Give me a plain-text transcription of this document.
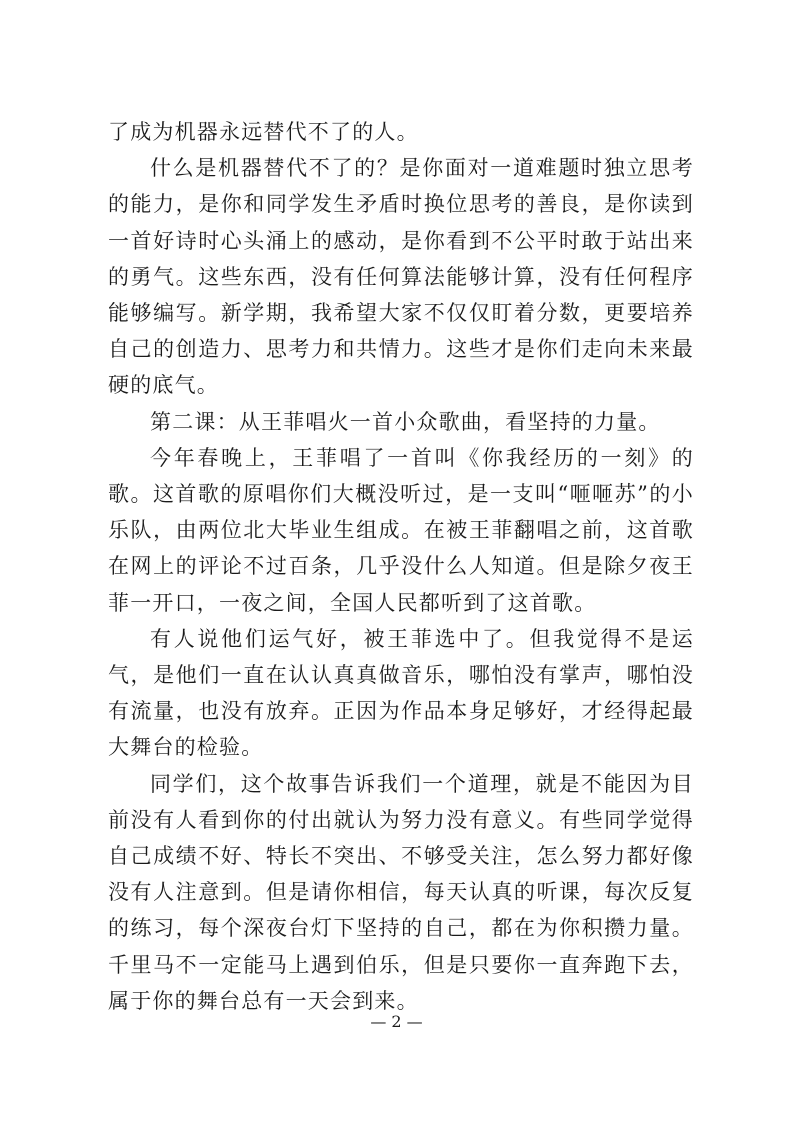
了成为机器永远替代不了的人。

什么是机器替代不了的？是你面对一道难题时独立思考的能力，是你和同学发生矛盾时换位思考的善良，是你读到一首好诗时心头涌上的感动，是你看到不公平时敢于站出来的勇气。这些东西，没有任何算法能够计算，没有任何程序能够编写。新学期，我希望大家不仅仅盯着分数，更要培养自己的创造力、思考力和共情力。这些才是你们走向未来最硬的底气。

第二课：从王菲唱火一首小众歌曲，看坚持的力量。

今年春晚上，王菲唱了一首叫《你我经历的一刻》的歌。这首歌的原唱你们大概没听过，是一支叫“咂咂苏”的小乐队，由两位北大毕业生组成。在被王菲翻唱之前，这首歌在网上的评论不过百条，几乎没什么人知道。但是除夕夜王菲一开口，一夜之间，全国人民都听到了这首歌。

有人说他们运气好，被王菲选中了。但我觉得不是运气，是他们一直在认认真真做音乐，哪怕没有掌声，哪怕没有流量，也没有放弃。正因为作品本身足够好，才经得起最大舞台的检验。

同学们，这个故事告诉我们一个道理，就是不能因为目前没有人看到你的付出就认为努力没有意义。有些同学觉得自己成绩不好、特长不突出、不够受关注，怎么努力都好像没有人注意到。但是请你相信，每天认真的听课，每次反复的练习，每个深夜台灯下坚持的自己，都在为你积攒力量。千里马不一定能马上遇到伯乐，但是只要你一直奔跑下去，属于你的舞台总有一天会到来。

— 2 —
